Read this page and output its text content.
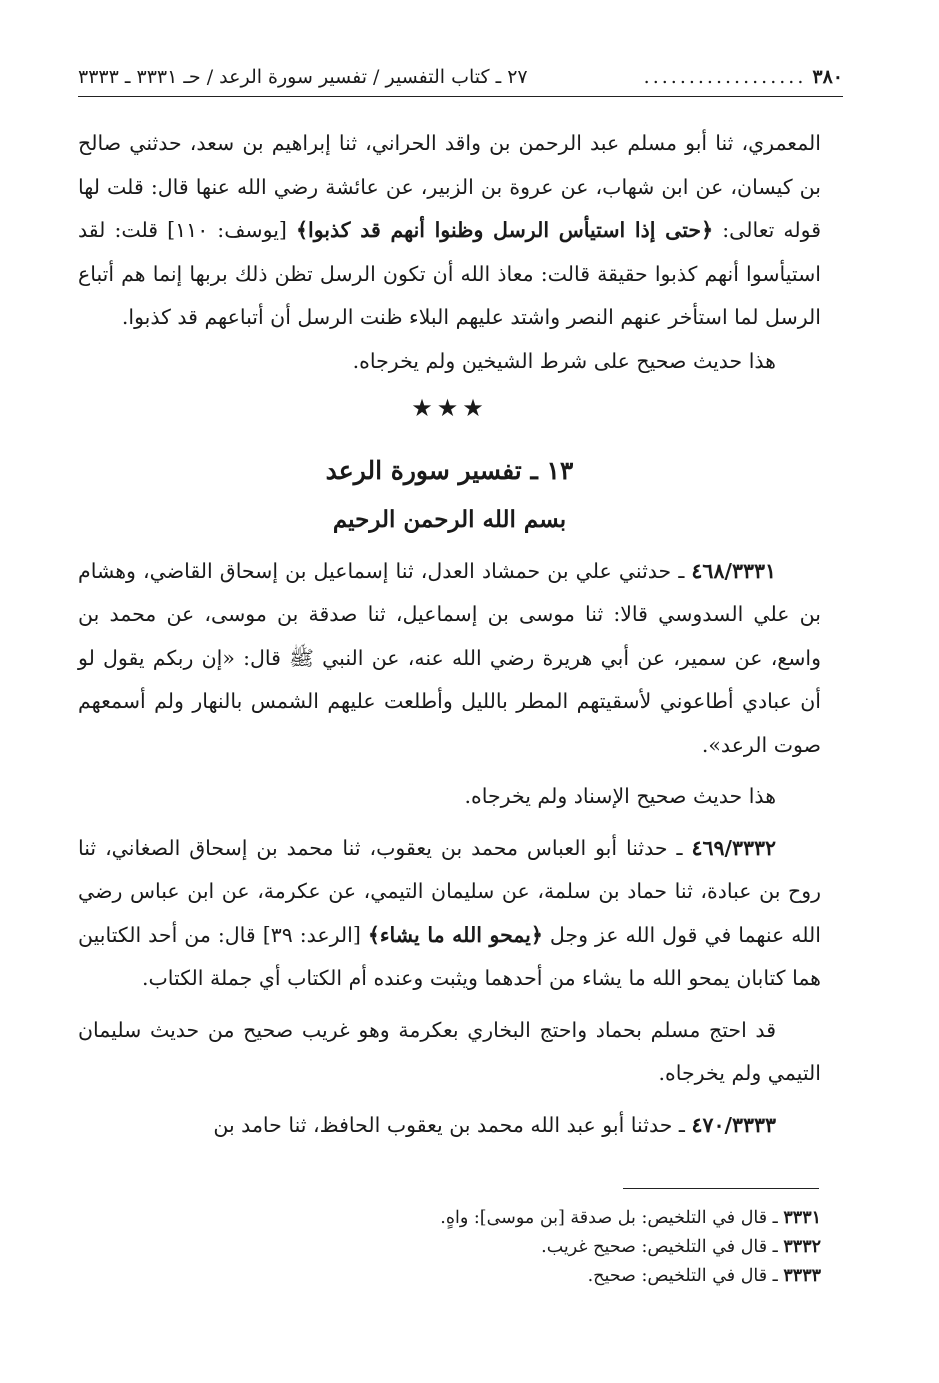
٣٨٠
..................
٢٧ ـ كتاب التفسير / تفسير سورة الرعد / حـ ٣٣٣١ ـ ٣٣٣٣

المعمري، ثنا أبو مسلم عبد الرحمن بن واقد الحراني، ثنا إبراهيم بن سعد، حدثني صالح بن كيسان، عن ابن شهاب، عن عروة بن الزبير، عن عائشة رضي الله عنها قال: قلت لها قوله تعالى: ﴿حتى إذا استيأس الرسل وظنوا أنهم قد كذبوا﴾ [يوسف: ١١٠] قلت: لقد استيأسوا أنهم كذبوا حقيقة قالت: معاذ الله أن تكون الرسل تظن ذلك بربها إنما هم أتباع الرسل لما استأخر عنهم النصر واشتد عليهم البلاء ظنت الرسل أن أتباعهم قد كذبوا.

هذا حديث صحيح على شرط الشيخين ولم يخرجاه.

★★★
١٣ ـ تفسير سورة الرعد
بسم الله الرحمن الرحيم

٤٦٨/٣٣٣١ ـ حدثني علي بن حمشاد العدل، ثنا إسماعيل بن إسحاق القاضي، وهشام بن علي السدوسي قالا: ثنا موسى بن إسماعيل، ثنا صدقة بن موسى، عن محمد بن واسع، عن سمير، عن أبي هريرة رضي الله عنه، عن النبي ﷺ قال: «إن ربكم يقول لو أن عبادي أطاعوني لأسقيتهم المطر بالليل وأطلعت عليهم الشمس بالنهار ولم أسمعهم صوت الرعد».

هذا حديث صحيح الإسناد ولم يخرجاه.

٤٦٩/٣٣٣٢ ـ حدثنا أبو العباس محمد بن يعقوب، ثنا محمد بن إسحاق الصغاني، ثنا روح بن عبادة، ثنا حماد بن سلمة، عن سليمان التيمي، عن عكرمة، عن ابن عباس رضي الله عنهما في قول الله عز وجل ﴿يمحو الله ما يشاء﴾ [الرعد: ٣٩] قال: من أحد الكتابين هما كتابان يمحو الله ما يشاء من أحدهما ويثبت وعنده أم الكتاب أي جملة الكتاب.

قد احتج مسلم بحماد واحتج البخاري بعكرمة وهو غريب صحيح من حديث سليمان التيمي ولم يخرجاه.

٤٧٠/٣٣٣٣ ـ حدثنا أبو عبد الله محمد بن يعقوب الحافظ، ثنا حامد بن

٣٣٣١ ـ قال في التلخيص: بل صدقة [بن موسى]: واهٍ.
٣٣٣٢ ـ قال في التلخيص: صحيح غريب.
٣٣٣٣ ـ قال في التلخيص: صحيح.
